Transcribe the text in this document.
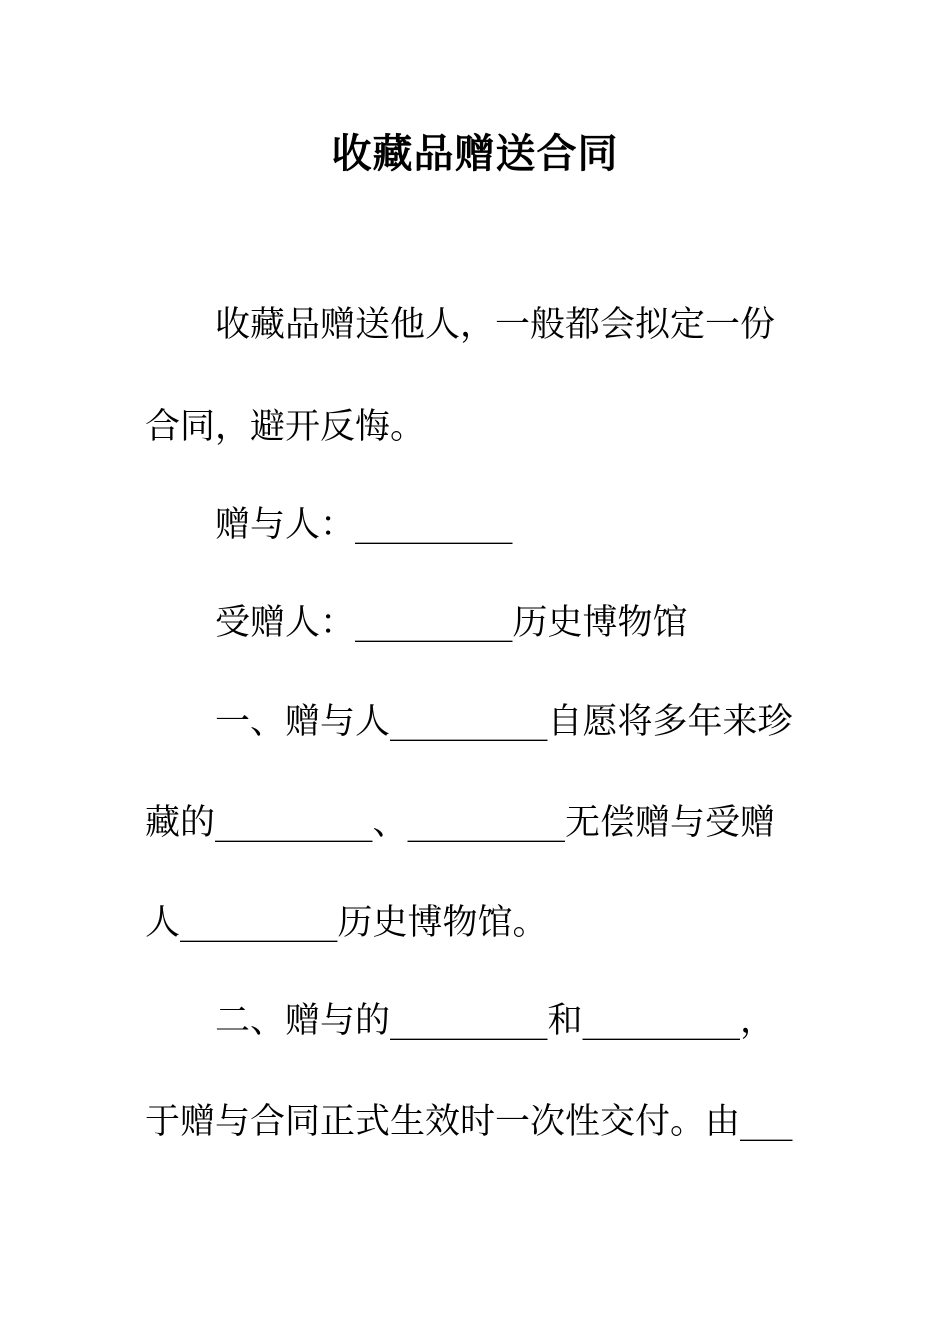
收藏品赠送合同
收藏品赠送他人，一般都会拟定一份
合同，避开反悔。
赠与人：_________
受赠人：_________历史博物馆
一、赠与人_________自愿将多年来珍
藏的_________、_________无偿赠与受赠
人_________历史博物馆。
二、赠与的_________和_________，
于赠与合同正式生效时一次性交付。由___
